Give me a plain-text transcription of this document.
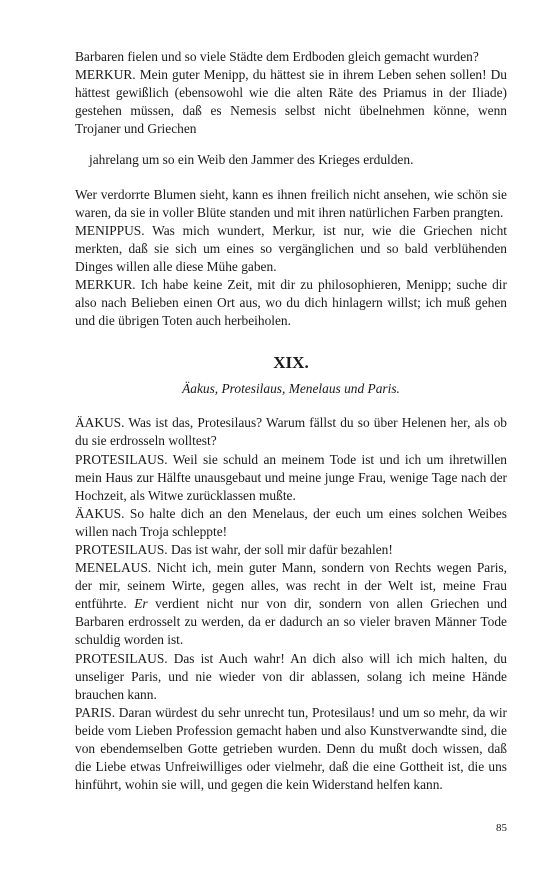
Barbaren fielen und so viele Städte dem Erdboden gleich gemacht wurden?

MERKUR. Mein guter Menipp, du hättest sie in ihrem Leben sehen sollen! Du hättest gewißlich (ebensowohl wie die alten Räte des Priamus in der Iliade) gestehen müssen, daß es Nemesis selbst nicht übelnehmen könne, wenn Trojaner und Griechen

jahrelang um so ein Weib den Jammer des Krieges erdulden.

Wer verdorrte Blumen sieht, kann es ihnen freilich nicht ansehen, wie schön sie waren, da sie in voller Blüte standen und mit ihren natürlichen Farben prangten.

MENIPPUS. Was mich wundert, Merkur, ist nur, wie die Griechen nicht merkten, daß sie sich um eines so vergänglichen und so bald verblühenden Dinges willen alle diese Mühe gaben.

MERKUR. Ich habe keine Zeit, mit dir zu philosophieren, Menipp; suche dir also nach Belieben einen Ort aus, wo du dich hinlagern willst; ich muß gehen und die übrigen Toten auch herbeiholen.

XIX.
Äakus, Protesilaus, Menelaus und Paris.

ÄAKUS. Was ist das, Protesilaus? Warum fällst du so über Helenen her, als ob du sie erdrosseln wolltest?

PROTESILAUS. Weil sie schuld an meinem Tode ist und ich um ihretwillen mein Haus zur Hälfte unausgebaut und meine junge Frau, wenige Tage nach der Hochzeit, als Witwe zurücklassen mußte.

ÄAKUS. So halte dich an den Menelaus, der euch um eines solchen Weibes willen nach Troja schleppte!

PROTESILAUS. Das ist wahr, der soll mir dafür bezahlen!

MENELAUS. Nicht ich, mein guter Mann, sondern von Rechts wegen Paris, der mir, seinem Wirte, gegen alles, was recht in der Welt ist, meine Frau entführte. Er verdient nicht nur von dir, sondern von allen Griechen und Barbaren erdrosselt zu werden, da er dadurch an so vieler braven Männer Tode schuldig worden ist.

PROTESILAUS. Das ist Auch wahr! An dich also will ich mich halten, du unseliger Paris, und nie wieder von dir ablassen, solang ich meine Hände brauchen kann.

PARIS. Daran würdest du sehr unrecht tun, Protesilaus! und um so mehr, da wir beide vom Lieben Profession gemacht haben und also Kunstverwandte sind, die von ebendemselben Gotte getrieben wurden. Denn du mußt doch wissen, daß die Liebe etwas Unfreiwilliges oder vielmehr, daß die eine Gottheit ist, die uns hinführt, wohin sie will, und gegen die kein Widerstand helfen kann.

85
